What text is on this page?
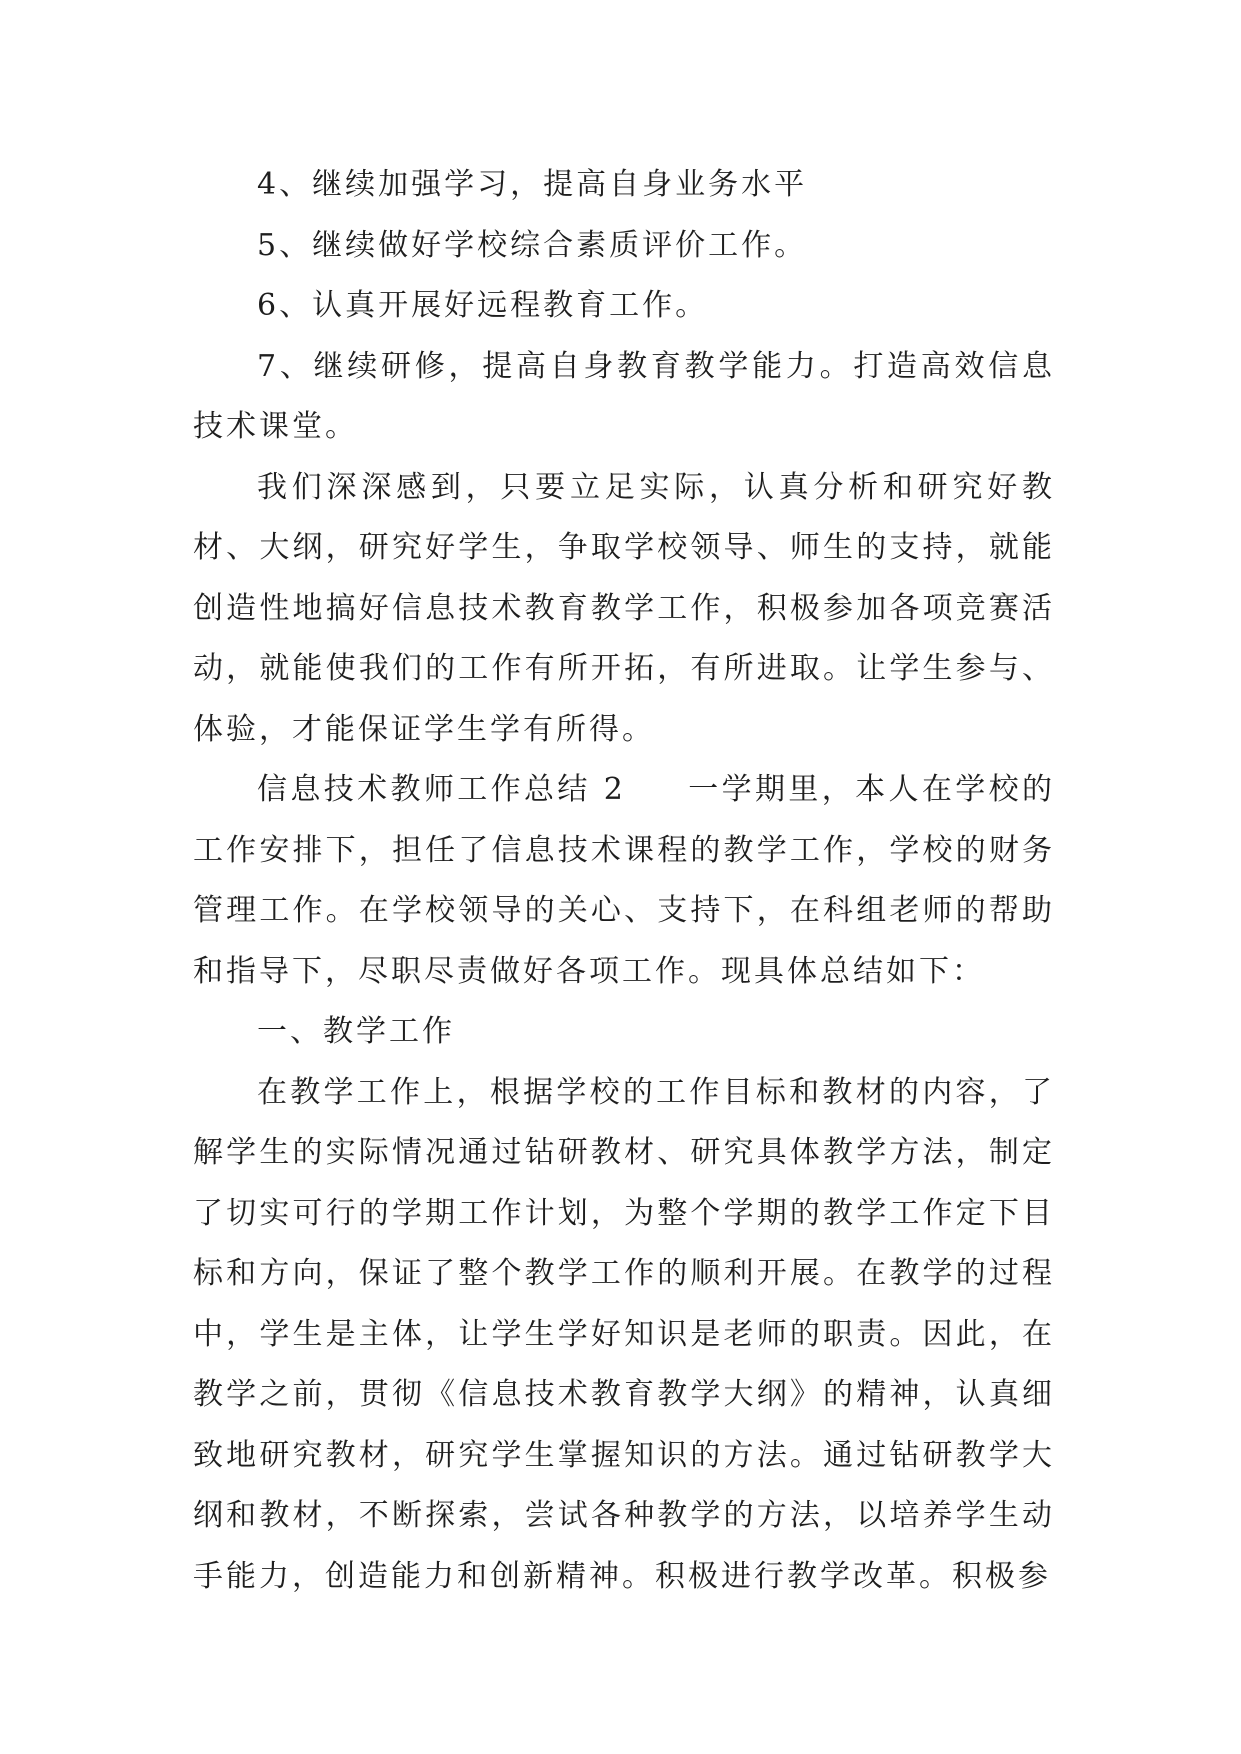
4、继续加强学习，提高自身业务水平

5、继续做好学校综合素质评价工作。

6、认真开展好远程教育工作。

7、继续研修，提高自身教育教学能力。打造高效信息技术课堂。

我们深深感到，只要立足实际，认真分析和研究好教材、大纲，研究好学生，争取学校领导、师生的支持，就能创造性地搞好信息技术教育教学工作，积极参加各项竞赛活动，就能使我们的工作有所开拓，有所进取。让学生参与、体验，才能保证学生学有所得。

信息技术教师工作总结 2 一学期里，本人在学校的工作安排下，担任了信息技术课程的教学工作，学校的财务管理工作。在学校领导的关心、支持下，在科组老师的帮助和指导下，尽职尽责做好各项工作。现具体总结如下：

一、教学工作

在教学工作上，根据学校的工作目标和教材的内容，了解学生的实际情况通过钻研教材、研究具体教学方法，制定了切实可行的学期工作计划，为整个学期的教学工作定下目标和方向，保证了整个教学工作的顺利开展。在教学的过程中，学生是主体，让学生学好知识是老师的职责。因此，在教学之前，贯彻《信息技术教育教学大纲》的精神，认真细致地研究教材，研究学生掌握知识的方法。通过钻研教学大纲和教材，不断探索，尝试各种教学的方法，以培养学生动手能力，创造能力和创新精神。积极进行教学改革。积极参
